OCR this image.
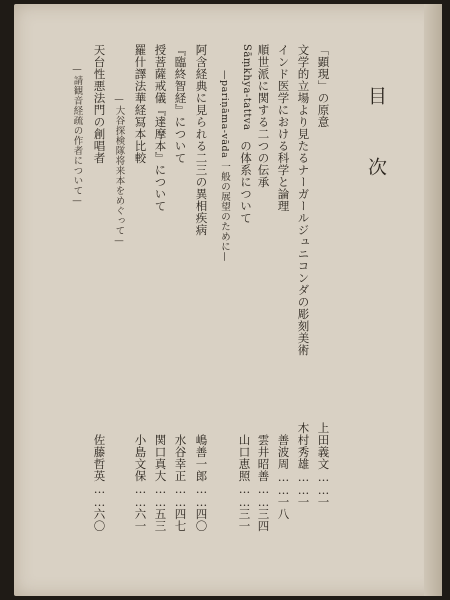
目次
「顕現」の原意
上田義文……一
文学的立場より見たるナーガールジュニコンダの彫刻美術
木村秀雄……一
インド医学における科学と論理
善波周……一八
順世派に関する二つの伝承
雲井昭善……三四
Sāṃkhya-tattvaの体系について
山口恵照……三一
—pariṇāma-vāda 一般の展望のために—
阿含経典に見られる二三の異相疾病
嶋善一郎……四〇
『臨終智経』について
水谷幸正……四七
授菩薩戒儀『達摩本』について
関口真大……五三
羅什譯法華経冩本比較
小島文保……六一
—大谷探検隊将来本をめぐって—
天台性悪法門の創唱者
佐藤哲英……六〇
—請観音経疏の作者について—
